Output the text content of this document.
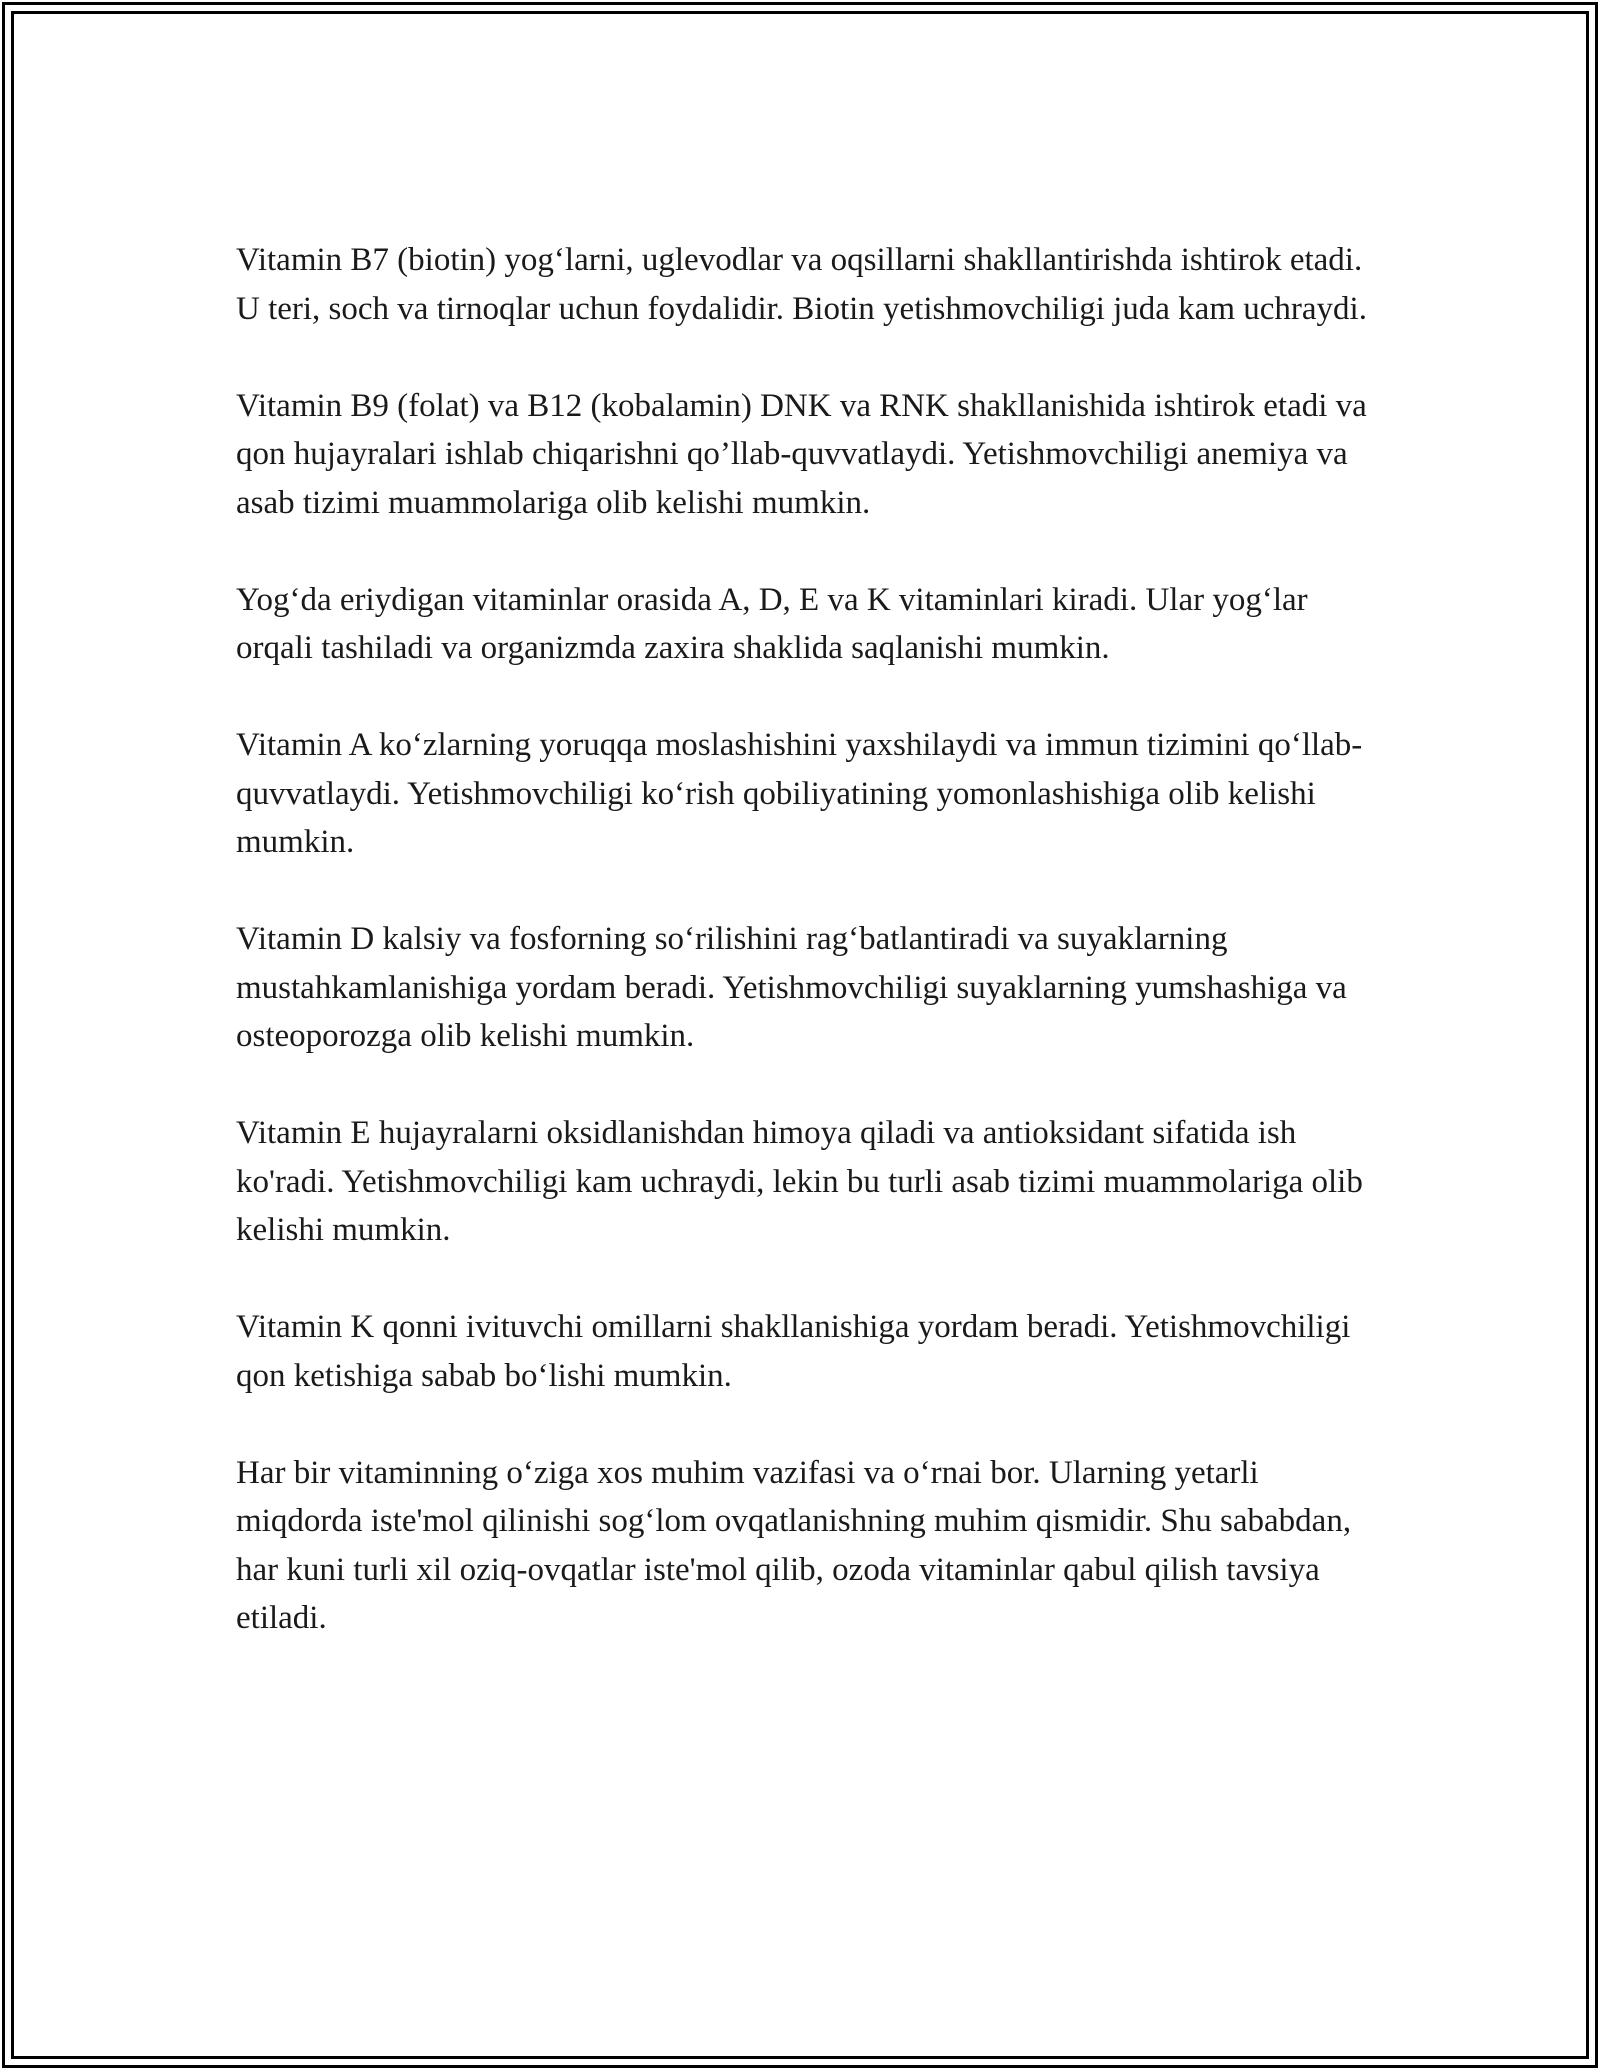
Vitamin B7 (biotin) yog‘larni, uglevodlar va oqsillarni shakllantirishda ishtirok etadi. U teri, soch va tirnoqlar uchun foydalidir. Biotin yetishmovchiligi juda kam uchraydi.

Vitamin B9 (folat) va B12 (kobalamin) DNK va RNK shakllanishida ishtirok etadi va qon hujayralari ishlab chiqarishni qo’llab-quvvatlaydi. Yetishmovchiligi anemiya va asab tizimi muammolariga olib kelishi mumkin.

Yog‘da eriydigan vitaminlar orasida A, D, E va K vitaminlari kiradi. Ular yog‘lar orqali tashiladi va organizmda zaxira shaklida saqlanishi mumkin.

Vitamin A ko‘zlarning yoruqqa moslashishini yaxshilaydi va immun tizimini qo‘llab-quvvatlaydi. Yetishmovchiligi ko‘rish qobiliyatining yomonlashishiga olib kelishi mumkin.

Vitamin D kalsiy va fosforning so‘rilishini rag‘batlantiradi va suyaklarning mustahkamlanishiga yordam beradi. Yetishmovchiligi suyaklarning yumshashiga va osteoporozga olib kelishi mumkin.

Vitamin E hujayralarni oksidlanishdan himoya qiladi va antioksidant sifatida ish ko'radi. Yetishmovchiligi kam uchraydi, lekin bu turli asab tizimi muammolariga olib kelishi mumkin.

Vitamin K qonni ivituvchi omillarni shakllanishiga yordam beradi. Yetishmovchiligi qon ketishiga sabab bo‘lishi mumkin.

Har bir vitaminning o‘ziga xos muhim vazifasi va o‘rnai bor. Ularning yetarli miqdorda iste'mol qilinishi sog‘lom ovqatlanishning muhim qismidir. Shu sababdan, har kuni turli xil oziq-ovqatlar iste'mol qilib, ozoda vitaminlar qabul qilish tavsiya etiladi.
